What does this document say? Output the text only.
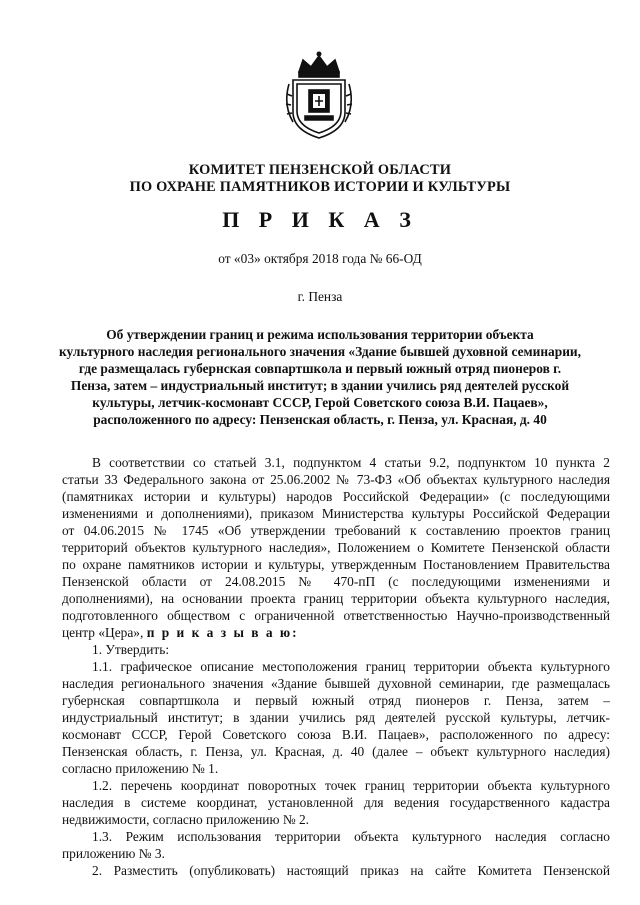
КОМИТЕТ ПЕНЗЕНСКОЙ ОБЛАСТИ
ПО ОХРАНЕ ПАМЯТНИКОВ ИСТОРИИ И КУЛЬТУРЫ
П Р И К А З
от «03» октября 2018 года № 66-ОД
г. Пенза
Об утверждении границ и режима использования территории объекта
культурного наследия регионального значения «Здание бывшей духовной семинарии,
где размещалась губернская совпартшкола и первый южный отряд пионеров г.
Пенза, затем – индустриальный институт; в здании учились ряд деятелей русской
культуры, летчик-космонавт СССР, Герой Советского союза В.И. Пацаев»,
расположенного по адресу: Пензенская область, г. Пенза, ул. Красная, д. 40
В соответствии со статьей 3.1, подпунктом 4 статьи 9.2, подпунктом 10 пункта 2
статьи 33 Федерального закона от 25.06.2002 № 73-ФЗ «Об объектах культурного наследия
(памятниках истории и культуры) народов Российской Федерации» (с последующими
изменениями и дополнениями), приказом Министерства культуры Российской Федерации
от 04.06.2015 № 1745 «Об утверждении требований к составлению проектов границ
территорий объектов культурного наследия», Положением о Комитете Пензенской области
по охране памятников истории и культуры, утвержденным Постановлением Правительства
Пензенской области от 24.08.2015 № 470-пП (с последующими изменениями и
дополнениями), на основании проекта границ территории объекта культурного наследия,
подготовленного обществом с ограниченной ответственностью Научно-производственный
центр «Цера», п р и к а з ы в а ю:
1. Утвердить:
1.1. графическое описание местоположения границ территории объекта культурного
наследия регионального значения «Здание бывшей духовной семинарии, где размещалась
губернская совпартшкола и первый южный отряд пионеров г. Пенза, затем –
индустриальный институт; в здании учились ряд деятелей русской культуры, летчик-
космонавт СССР, Герой Советского союза В.И. Пацаев», расположенного по адресу:
Пензенская область, г. Пенза, ул. Красная, д. 40 (далее – объект культурного наследия)
согласно приложению № 1.
1.2. перечень координат поворотных точек границ территории объекта культурного
наследия в системе координат, установленной для ведения государственного кадастра
недвижимости, согласно приложению № 2.
1.3. Режим использования территории объекта культурного наследия согласно
приложению № 3.
2. Разместить (опубликовать) настоящий приказ на сайте Комитета Пензенской
